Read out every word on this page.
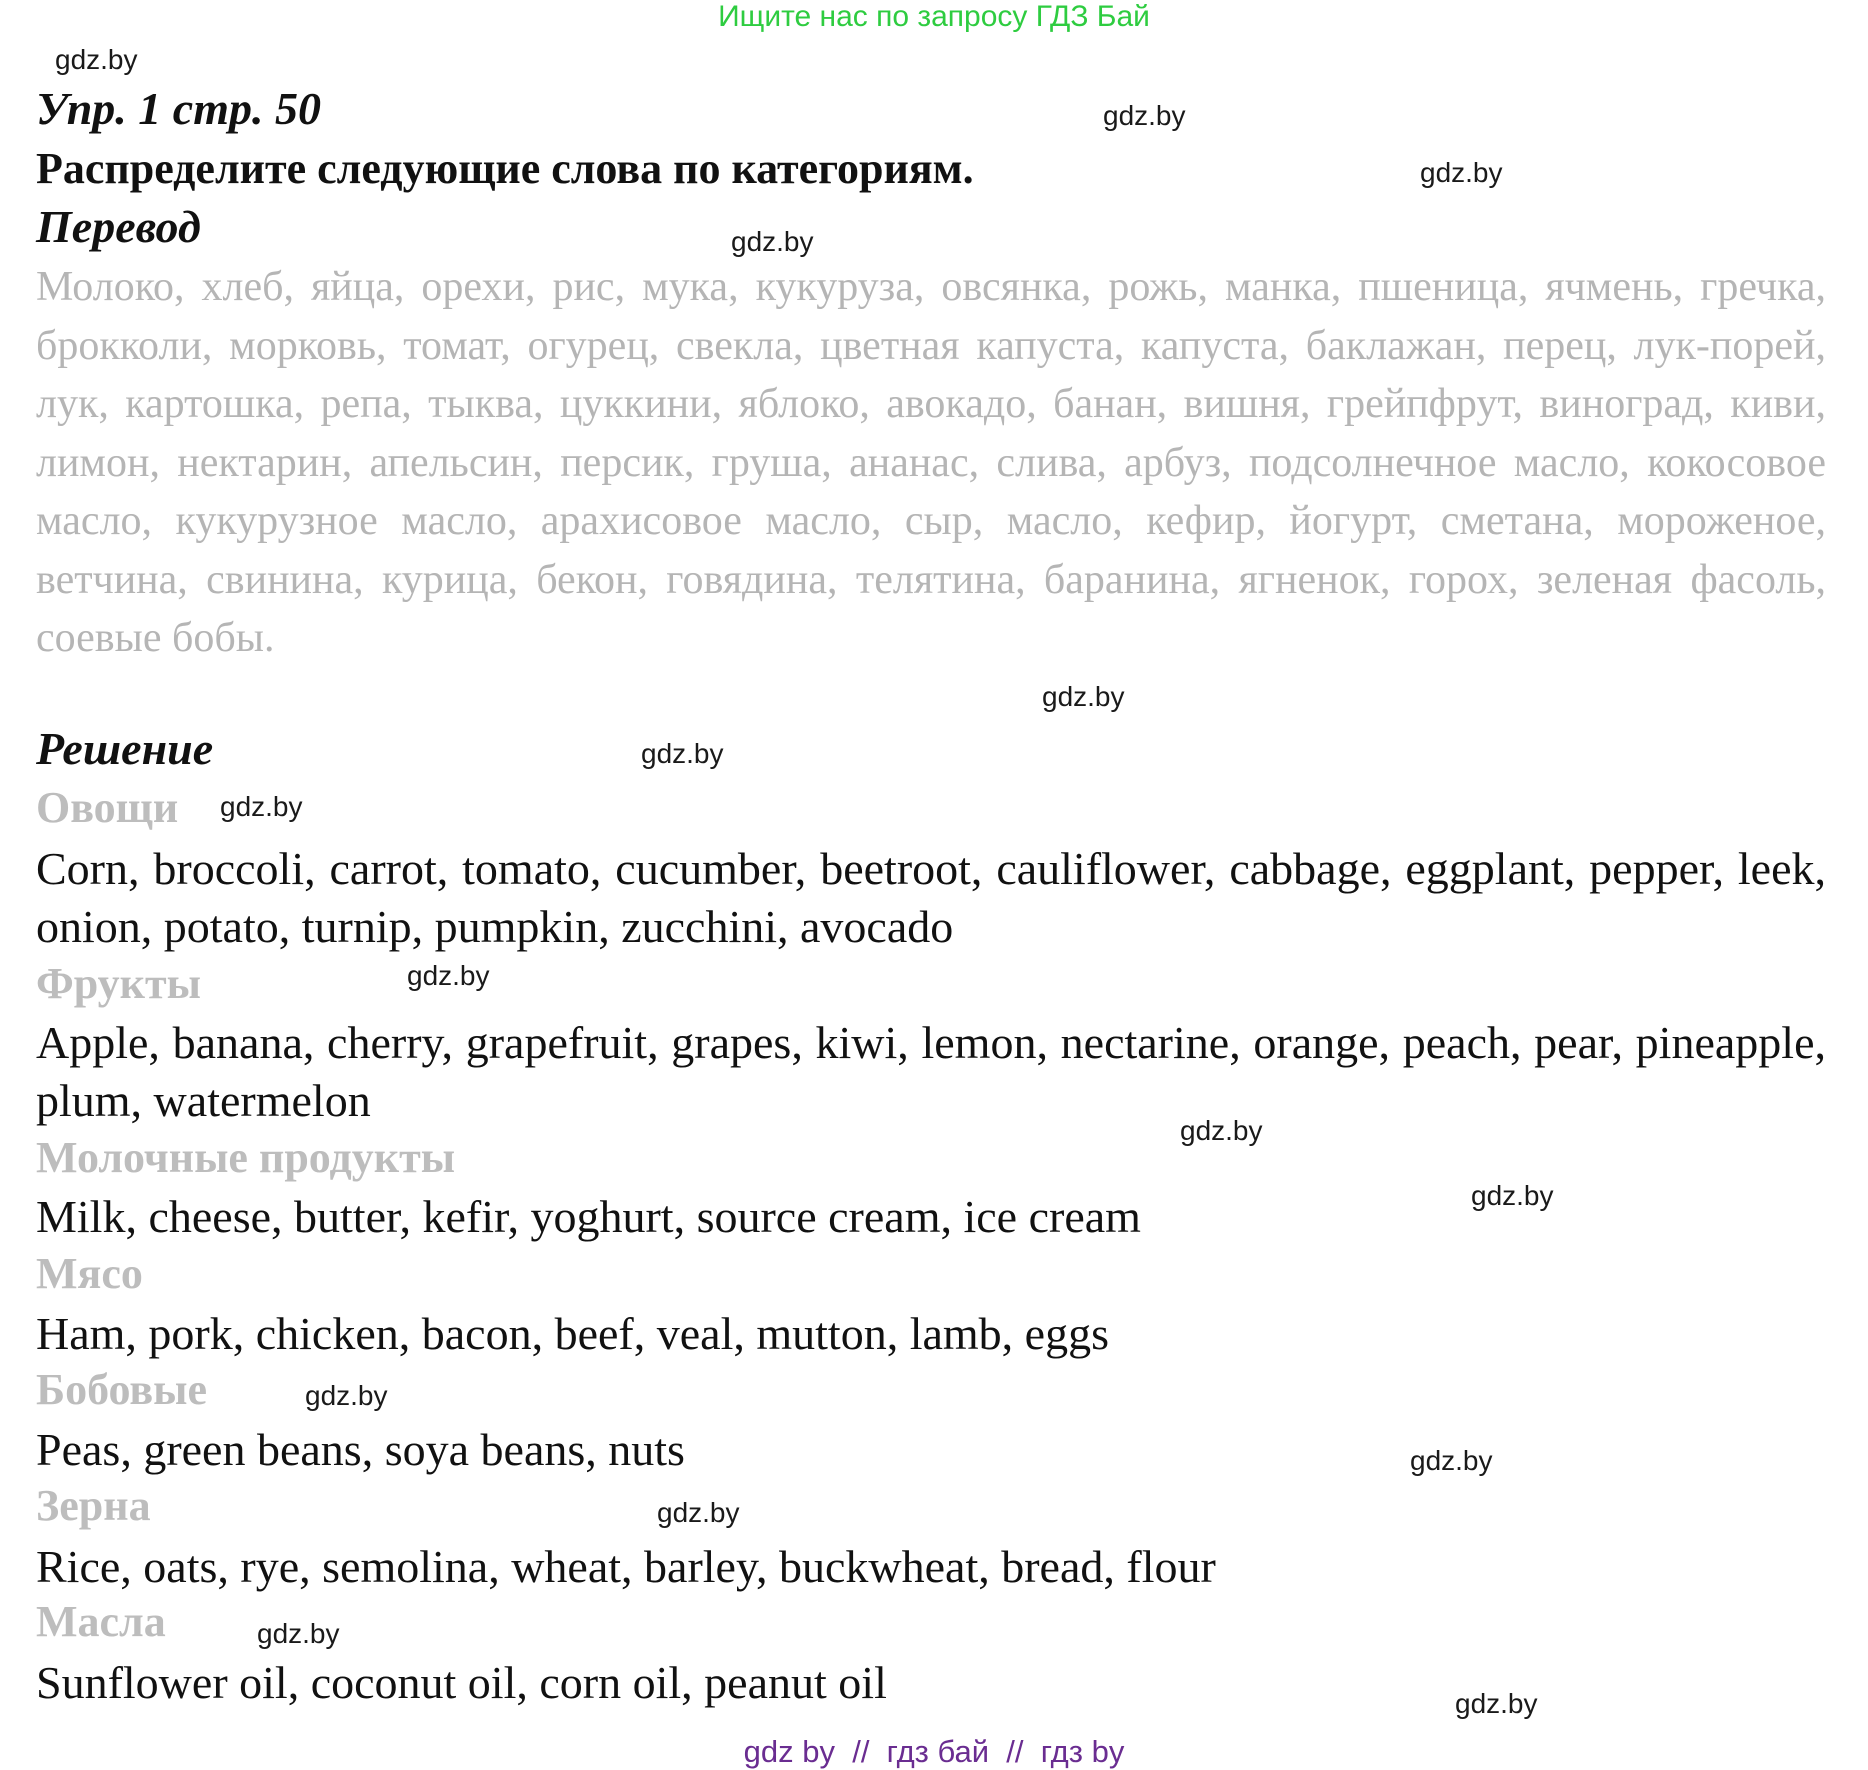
Ищите нас по запросу ГДЗ Бай
gdz.by
Упр. 1 стр. 50	gdz.by
Распределите следующие слова по категориям.	gdz.by
Перевод	gdz.by
Молоко, хлеб, яйца, орехи, рис, мука, кукуруза, овсянка, рожь, манка, пшеница, ячмень, гречка, брокколи, морковь, томат, огурец, свекла, цветная капуста, капуста, баклажан, перец, лук-порей, лук, картошка, репа, тыква, цуккини, яблоко, авокадо, банан, вишня, грейпфрут, виноград, киви, лимон, нектарин, апельсин, персик, груша, ананас, слива, арбуз, подсолнечное масло, кокосовое масло, кукурузное масло, арахисовое масло, сыр, масло, кефир, йогурт, сметана, мороженое, ветчина, свинина, курица, бекон, говядина, телятина, баранина, ягненок, горох, зеленая фасоль, соевые бобы.
gdz.by
Решение	gdz.by
Овощи gdz.by
Corn, broccoli, carrot, tomato, cucumber, beetroot, cauliflower, cabbage, eggplant, pepper, leek, onion, potato, turnip, pumpkin, zucchini, avocado
Фрукты	gdz.by
Apple, banana, cherry, grapefruit, grapes, kiwi, lemon, nectarine, orange, peach, pear, pineapple, plum, watermelon
gdz.by
Молочные продукты
gdz.by
Milk, cheese, butter, kefir, yoghurt, source cream, ice cream
Мясо
Ham, pork, chicken, bacon, beef, veal, mutton, lamb, eggs
Бобовые	gdz.by
gdz.by
Peas, green beans, soya beans, nuts
Зерна	gdz.by
Rice, oats, rye, semolina, wheat, barley, buckwheat, bread, flour
Масла	gdz.by
Sunflower oil, coconut oil, corn oil, peanut oil	gdz.by
gdz by  //  гдз бай  //  гдз by
